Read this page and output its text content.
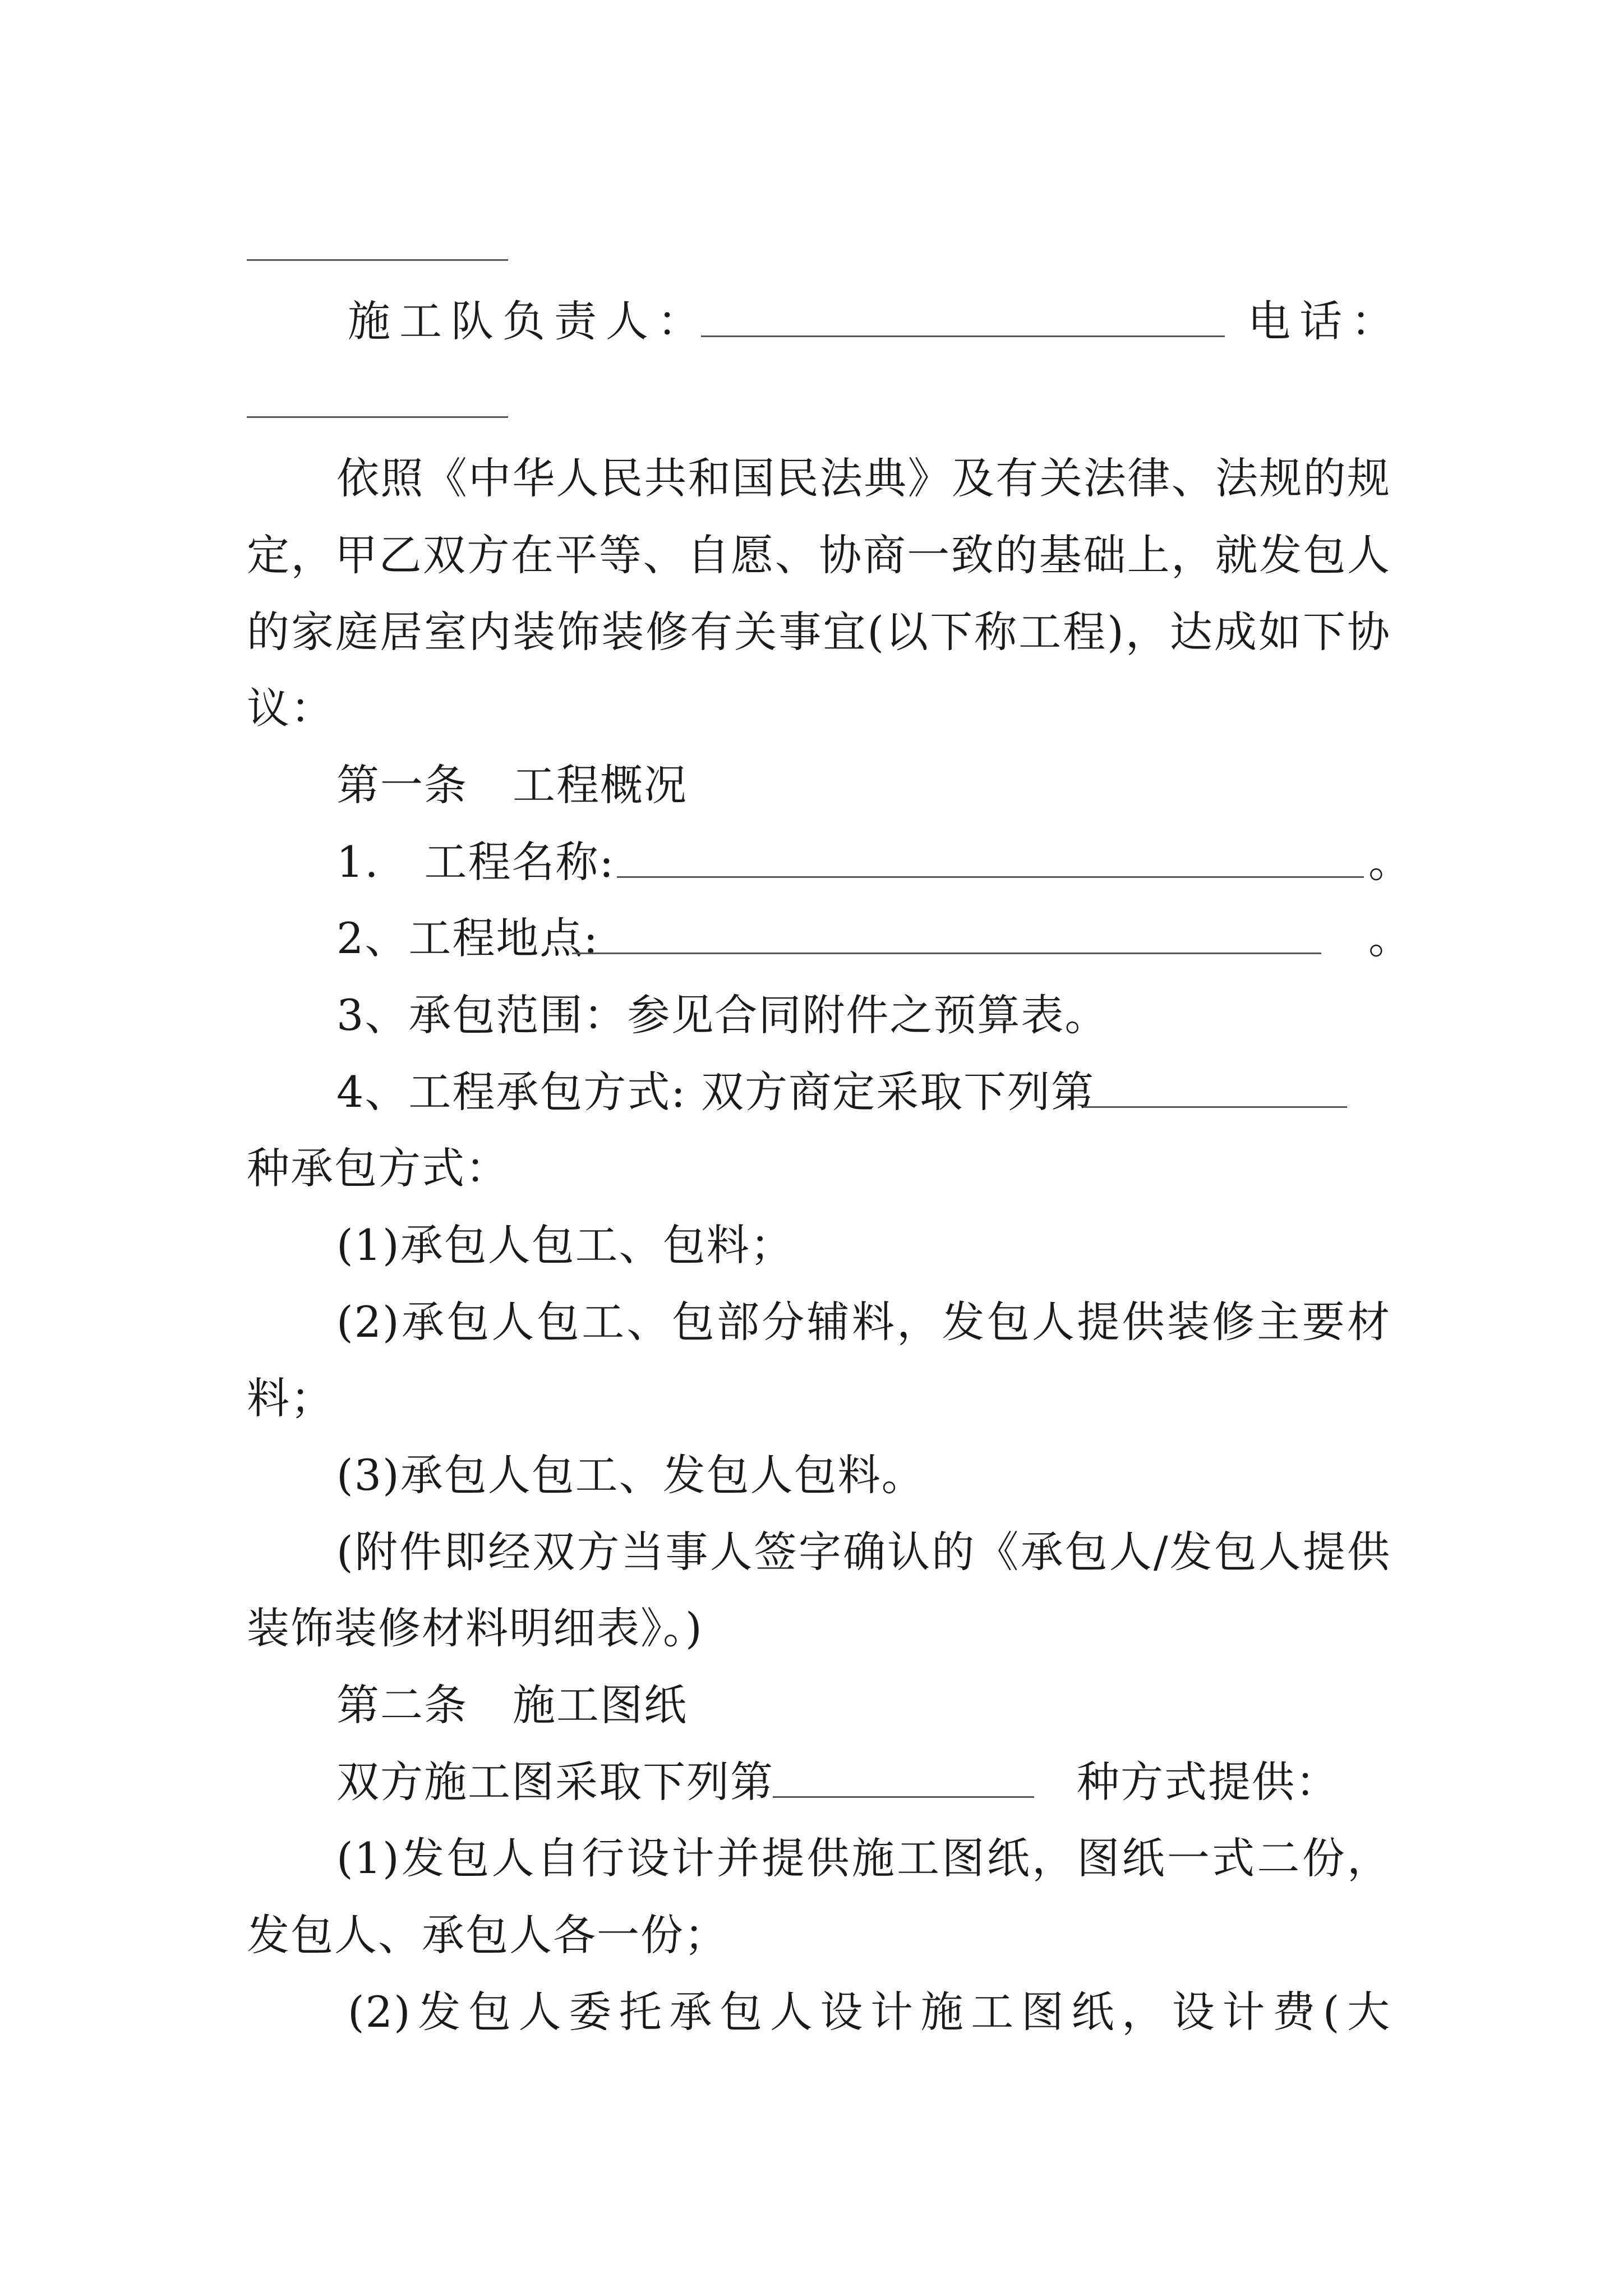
施工队负责人：	电话：
依照《中华人民共和国民法典》及有关法律、法规的规
定，甲乙双方在平等、自愿、协商一致的基础上，就发包人
的家庭居室内装饰装修有关事宜(以下称工程)，达成如下协
议：
第一条 工程概况
1. 工程名称:	。
2、工程地点:	。
3、承包范围：参见合同附件之预算表。
4、工程承包方式: 双方商定采取下列第
种承包方式：
(1)承包人包工、包料；
(2)承包人包工、包部分辅料，发包人提供装修主要材
料；
(3)承包人包工、发包人包料。
(附件即经双方当事人签字确认的《承包人/发包人提供
装饰装修材料明细表》。)
第二条 施工图纸
双方施工图采取下列第	种方式提供：
(1)发包人自行设计并提供施工图纸，图纸一式二份，
发包人、承包人各一份；
(2)发包人委托承包人设计施工图纸，设计费(大
